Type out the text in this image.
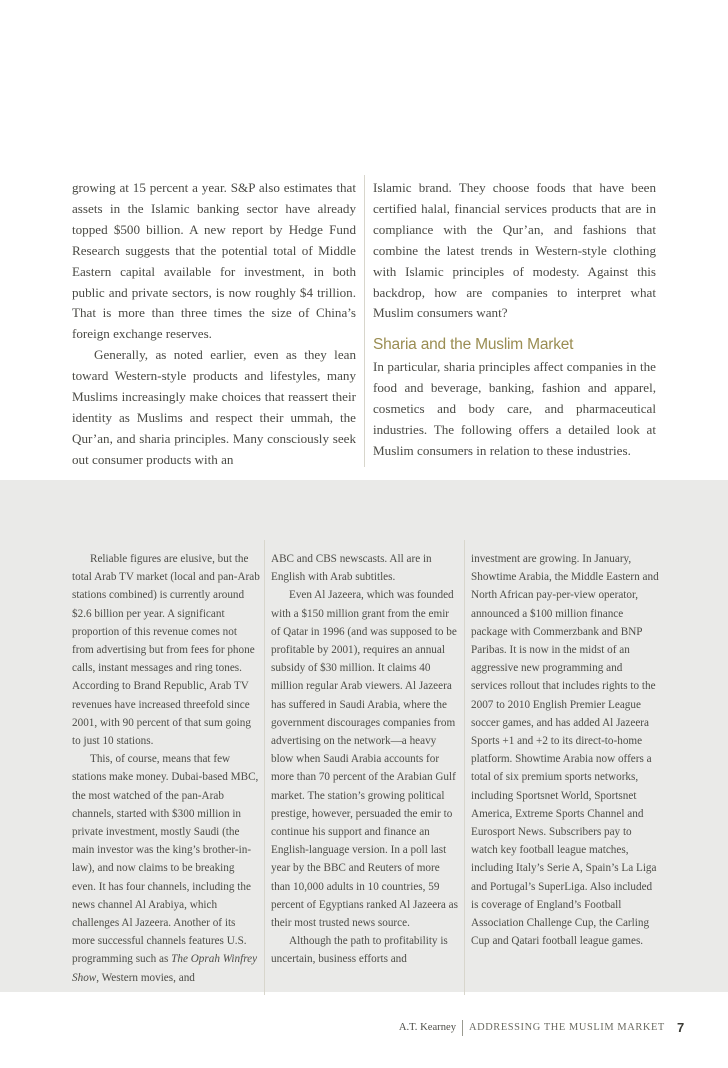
growing at 15 percent a year. S&P also estimates that assets in the Islamic banking sector have already topped $500 billion. A new report by Hedge Fund Research suggests that the potential total of Middle Eastern capital available for investment, in both public and private sectors, is now roughly $4 trillion. That is more than three times the size of China’s foreign exchange reserves.

Generally, as noted earlier, even as they lean toward Western-style products and lifestyles, many Muslims increasingly make choices that reassert their identity as Muslims and respect their ummah, the Qur’an, and sharia principles. Many consciously seek out consumer products with an

Islamic brand. They choose foods that have been certified halal, financial services products that are in compliance with the Qur’an, and fashions that combine the latest trends in Western-style clothing with Islamic principles of modesty. Against this backdrop, how are companies to interpret what Muslim consumers want?

Sharia and the Muslim Market

In particular, sharia principles affect companies in the food and beverage, banking, fashion and apparel, cosmetics and body care, and pharmaceutical industries. The following offers a detailed look at Muslim consumers in relation to these industries.

Reliable figures are elusive, but the total Arab TV market (local and pan-Arab stations combined) is currently around $2.6 billion per year. A significant proportion of this revenue comes not from advertising but from fees for phone calls, instant messages and ring tones. According to Brand Republic, Arab TV revenues have increased threefold since 2001, with 90 percent of that sum going to just 10 stations.

This, of course, means that few stations make money. Dubai-based MBC, the most watched of the pan-Arab channels, started with $300 million in private investment, mostly Saudi (the main investor was the king’s brother-in-law), and now claims to be breaking even. It has four channels, including the news channel Al Arabiya, which challenges Al Jazeera. Another of its more successful channels features U.S. programming such as The Oprah Winfrey Show, Western movies, and

ABC and CBS newscasts. All are in English with Arab subtitles.

Even Al Jazeera, which was founded with a $150 million grant from the emir of Qatar in 1996 (and was supposed to be profitable by 2001), requires an annual subsidy of $30 million. It claims 40 million regular Arab viewers. Al Jazeera has suffered in Saudi Arabia, where the government discourages companies from advertising on the network—a heavy blow when Saudi Arabia accounts for more than 70 percent of the Arabian Gulf market. The station’s growing political prestige, however, persuaded the emir to continue his support and finance an English-language version. In a poll last year by the BBC and Reuters of more than 10,000 adults in 10 countries, 59 percent of Egyptians ranked Al Jazeera as their most trusted news source.

Although the path to profitability is uncertain, business efforts and

investment are growing. In January, Showtime Arabia, the Middle Eastern and North African pay-per-view operator, announced a $100 million finance package with Commerzbank and BNP Paribas. It is now in the midst of an aggressive new programming and services rollout that includes rights to the 2007 to 2010 English Premier League soccer games, and has added Al Jazeera Sports +1 and +2 to its direct-to-home platform. Showtime Arabia now offers a total of six premium sports networks, including Sportsnet World, Sportsnet America, Extreme Sports Channel and Eurosport News. Subscribers pay to watch key football league matches, including Italy’s Serie A, Spain’s La Liga and Portugal’s SuperLiga. Also included is coverage of England’s Football Association Challenge Cup, the Carling Cup and Qatari football league games.

A.T. Kearney ADDRESSING THE MUSLIM MARKET 7
